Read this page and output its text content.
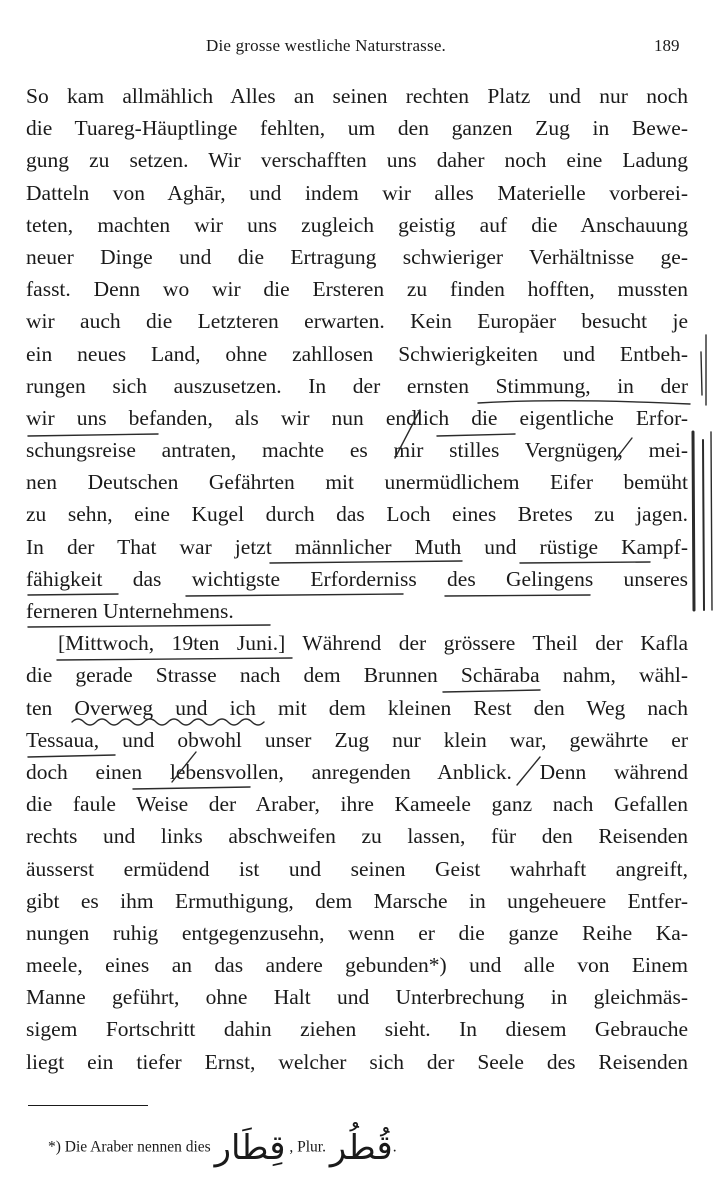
Die grosse westliche Naturstrasse.	189
So kam allmählich Alles an seinen rechten Platz und nur noch
die Tuareg-Häuptlinge fehlten, um den ganzen Zug in Bewe-
gung zu setzen. Wir verschafften uns daher noch eine Ladung
Datteln von Aghār, und indem wir alles Materielle vorberei-
teten, machten wir uns zugleich geistig auf die Anschauung
neuer Dinge und die Ertragung schwieriger Verhältnisse ge-
fasst. Denn wo wir die Ersteren zu finden hofften, mussten
wir auch die Letzteren erwarten. Kein Europäer besucht je
ein neues Land, ohne zahllosen Schwierigkeiten und Entbeh-
rungen sich auszusetzen. In der ernsten Stimmung, in der
wir uns befanden, als wir nun endlich die eigentliche Erfor-
schungsreise antraten, machte es mir stilles Vergnügen, mei-
nen Deutschen Gefährten mit unermüdlichem Eifer bemüht
zu sehn, eine Kugel durch das Loch eines Bretes zu jagen.
In der That war jetzt männlicher Muth und rüstige Kampf-
fähigkeit das wichtigste Erforderniss des Gelingens unseres
ferneren Unternehmens.
[Mittwoch, 19ten Juni.] Während der grössere Theil der Kafla
die gerade Strasse nach dem Brunnen Schāraba nahm, wähl-
ten Overweg und ich mit dem kleinen Rest den Weg nach
Tessaua, und obwohl unser Zug nur klein war, gewährte er
doch einen lebensvollen, anregenden Anblick. Denn während
die faule Weise der Araber, ihre Kameele ganz nach Gefallen
rechts und links abschweifen zu lassen, für den Reisenden
äusserst ermüdend ist und seinen Geist wahrhaft angreift,
gibt es ihm Ermuthigung, dem Marsche in ungeheuere Entfer-
nungen ruhig entgegenzusehn, wenn er die ganze Reihe Ka-
meele, eines an das andere gebunden*) und alle von Einem
Manne geführt, ohne Halt und Unterbrechung in gleichmäs-
sigem Fortschritt dahin ziehen sieht. In diesem Gebrauche
liegt ein tiefer Ernst, welcher sich der Seele des Reisenden
*) Die Araber nennen dies قِطَار , Plur. قُطُر.
